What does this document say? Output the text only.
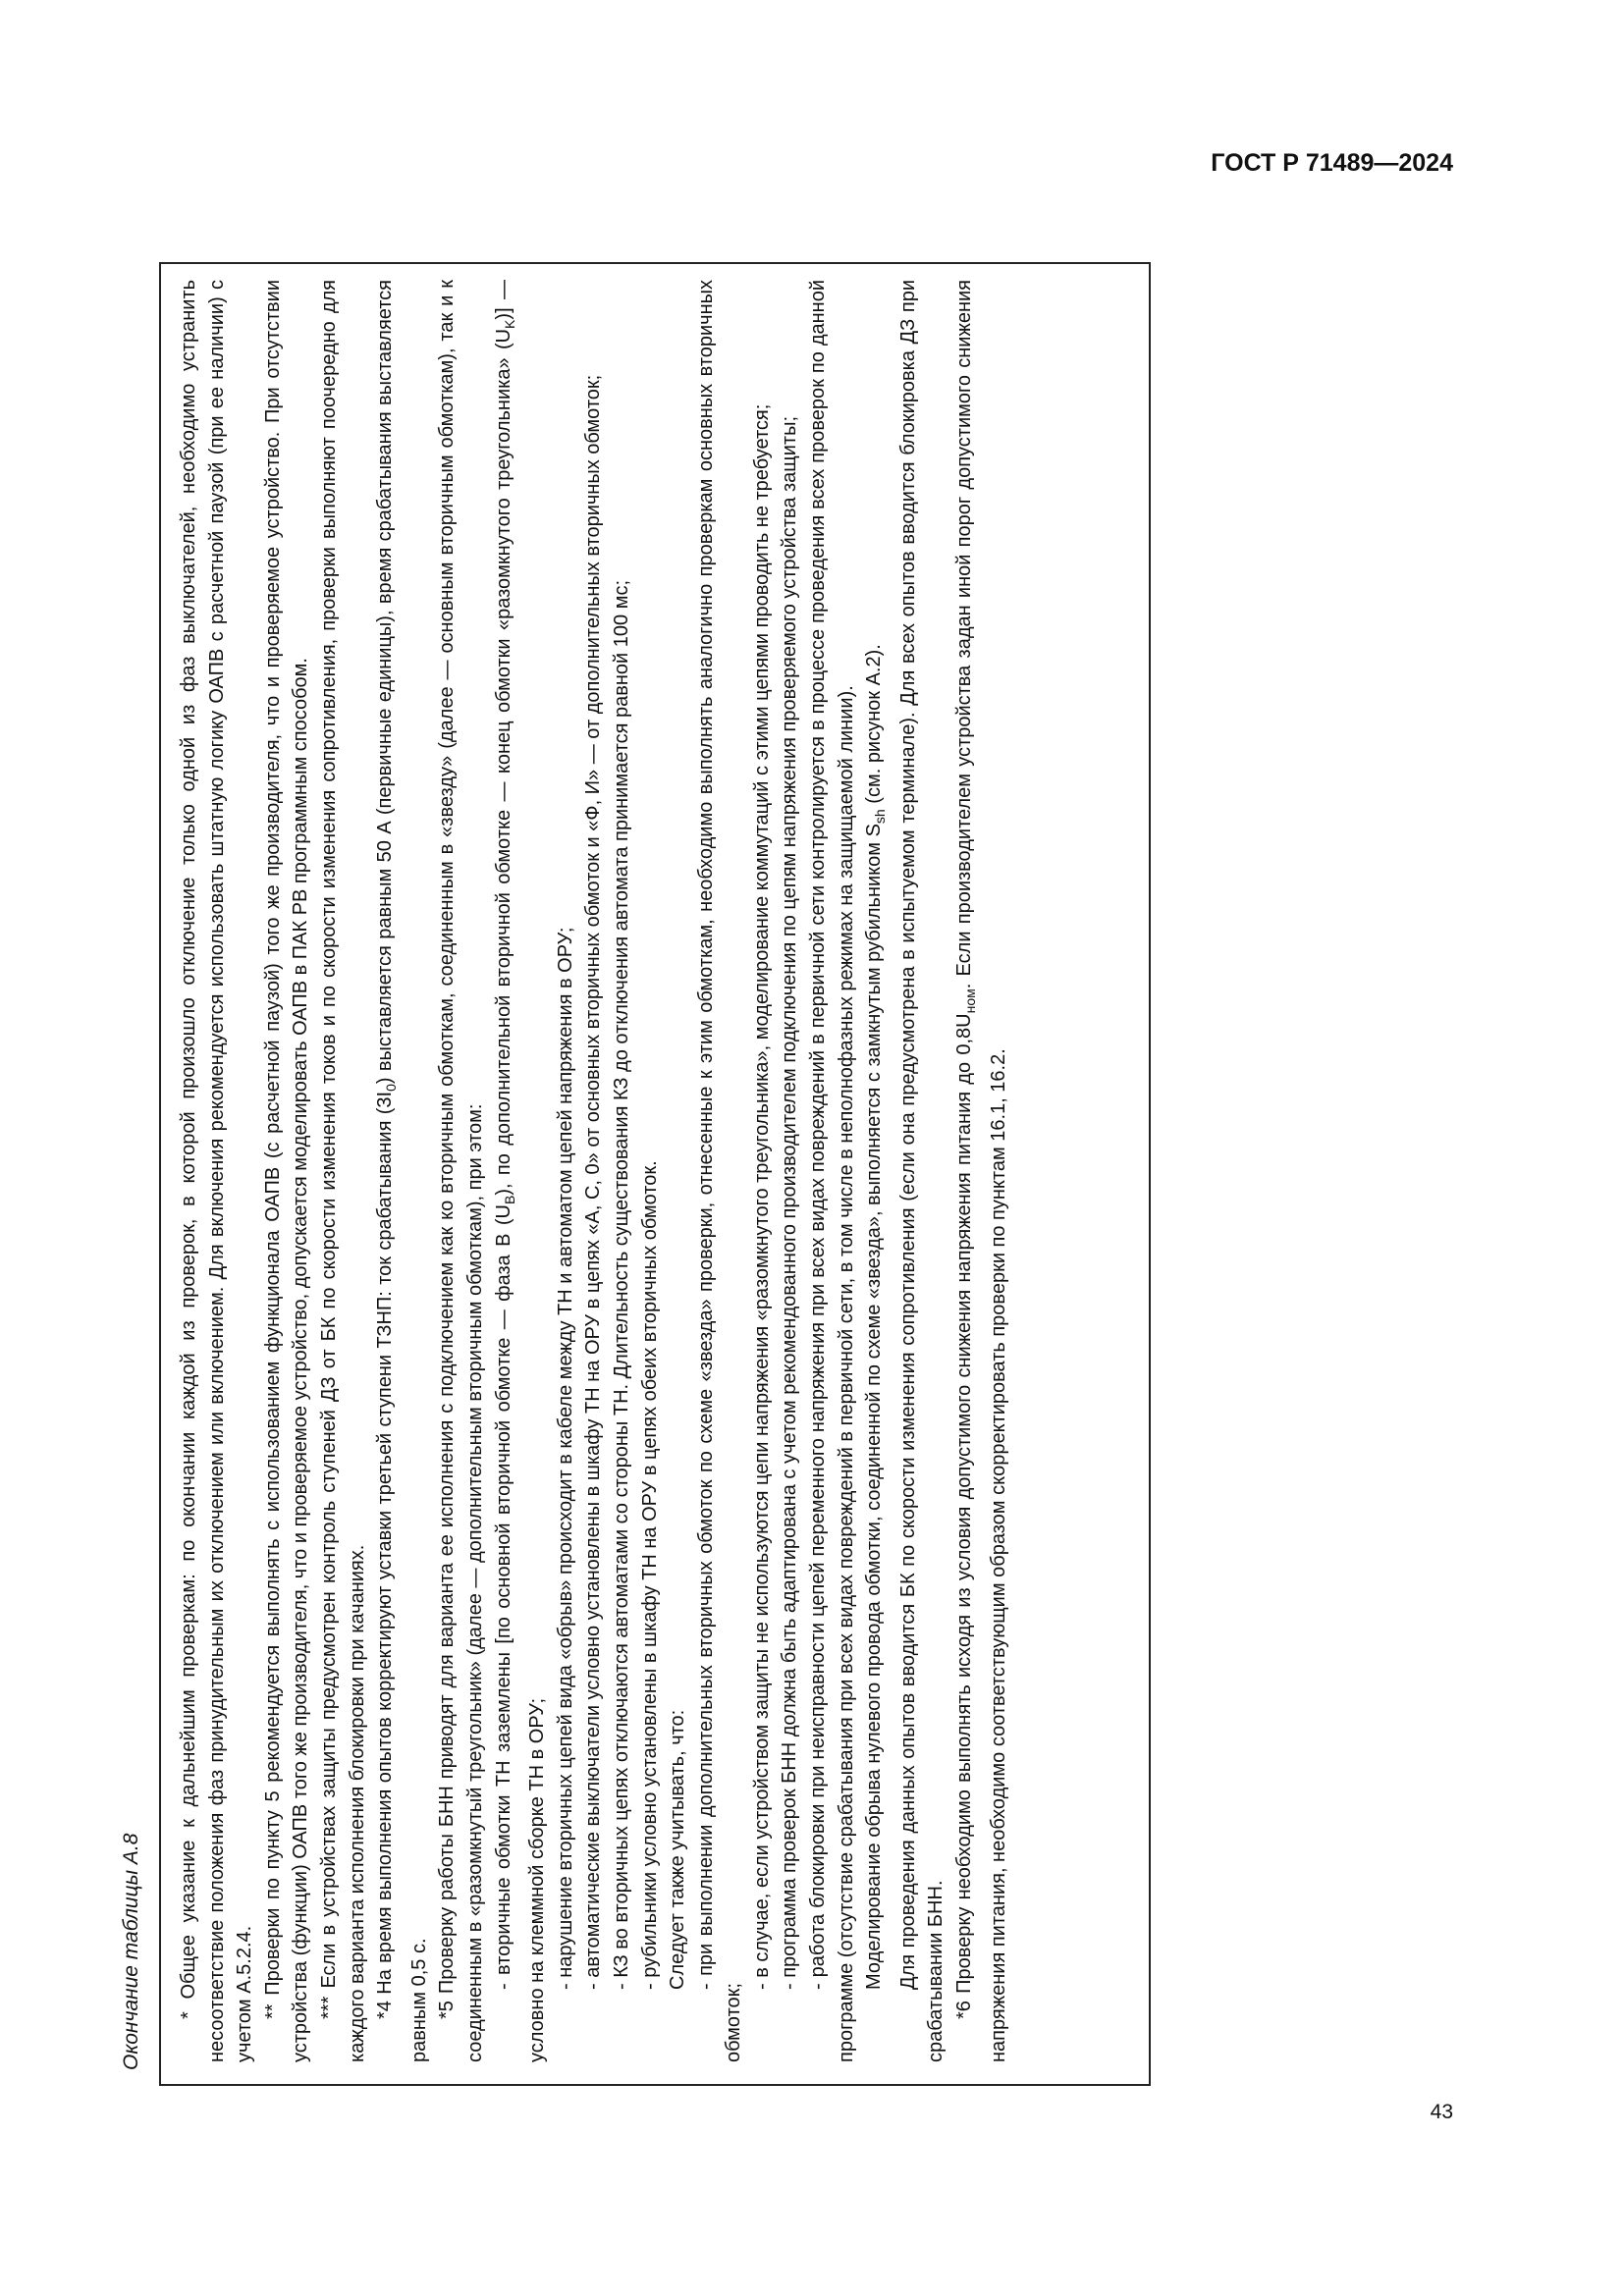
ГОСТ Р 71489—2024
Окончание таблицы А.8 * Общее указание к дальнейшим проверкам: по окончании каждой из проверок, в которой произошло отключение только одной из фаз выключателей, необходимо устранить несоответствие положения фаз принудительным их отключением или включением. Для включения рекомендуется использовать штатную логику ОАПВ с расчетной паузой (при ее наличии) с учетом А.5.2.4. ** Проверки по пункту 5 рекомендуется выполнять с использованием функционала ОАПВ (с расчетной паузой) того же производителя, что и проверяемое устройство. При отсутствии устройства (функции) ОАПВ того же производителя, что и проверяемое устройство, допускается моделировать ОАПВ в ПАК РВ программным способом. *** Если в устройствах защиты предусмотрен контроль ступеней ДЗ от БК по скорости изменения токов и по скорости изменения сопротивления, проверки выполняют поочередно для каждого варианта исполнения блокировки при качаниях. *4 На время выполнения опытов корректируют уставки третьей ступени ТЗНП: ток срабатывания $(3I_0)$ выставляется равным 50 А (первичные единицы), время срабатывания выставляется равным 0,5 с. *5 Проверку работы БНН приводят для варианта ее исполнения с подключением как ко вторичным обмоткам, соединенным в «звезду» (далее — основным вторичным обмоткам), так и к соединенным в «разомкнутый треугольник» (далее — дополнительным вторичным обмоткам), при этом: - вторичные обмотки ТН заземлены [по основной вторичной обмотке — фаза В $(U_B)$, по дополнительной вторичной обмотке — конец обмотки «разомкнутого треугольника» $(U_K)$] — условно на клеммной сборке ТН в ОРУ; - нарушение вторичных цепей вида «обрыв» происходит в кабеле между ТН и автоматом цепей напряжения в ОРУ; - автоматические выключатели условно установлены в шкафу ТН на ОРУ в цепях «А, С, 0» от основных вторичных обмоток и «Ф, И» — от дополнительных вторичных обмоток; - КЗ во вторичных цепях отключаются автоматами со стороны ТН. Длительность существования КЗ до отключения автомата принимается равной 100 мс; - рубильники условно установлены в шкафу ТН на ОРУ в цепях обеих вторичных обмоток. Следует также учитывать, что: - при выполнении дополнительных вторичных обмоток по схеме «звезда» проверки, отнесенные к этим обмоткам, необходимо выполнять аналогично проверкам основных вторичных обмоток;

- в случае, если устройством защиты не используются цепи напряжения «разомкнутого треугольника», моделирование коммутаций с этими цепями проводить не требуется; - программа проверок БНН должна быть адаптирована с учетом рекомендованного производителем подключения по цепям напряжения проверяемого устройства защиты; - работа блокировки при неисправности цепей переменного напряжения при всех видах повреждений в первичной сети контролируется в процессе проведения всех проверок по данной программе (отсутствие срабатывания при всех видах повреждений в первичной сети, в том числе в неполнофазных режимах на защищаемой линии). Моделирование обрыва нулевого провода обмотки, соединенной по схеме «звезда», выполняется с замкнутым рубильником $S_{sh}$ (см. рисунок А.2). Для проведения данных опытов вводится БК по скорости изменения сопротивления (если она предусмотрена в испытуемом терминале). Для всех опытов вводится блокировка ДЗ при срабатывании БНН. *6 Проверку необходимо выполнять исходя из условия допустимого снижения напряжения питания до $0,8U_{ном}$. Если производителем устройства задан иной порог допустимого снижения напряжения питания, необходимо соответствующим образом скорректировать проверки по пунктам 16.1, 16.2.

43
